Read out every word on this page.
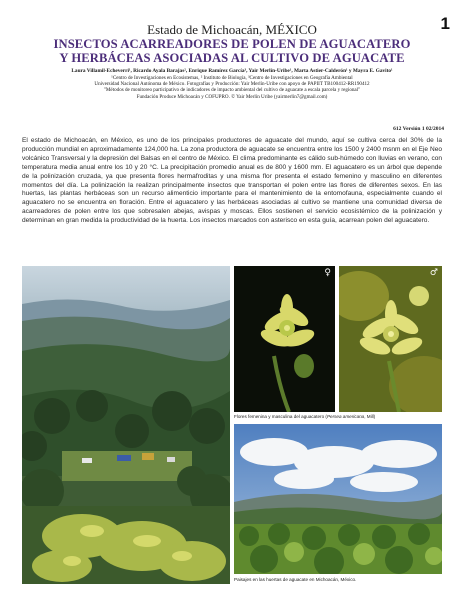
1
Estado de Michoacán, MÉXICO
INSECTOS ACARREADORES DE POLEN DE AGUACATERO
Y HERBÁCEAS ASOCIADAS AL CULTIVO DE AGUACATE
Laura Villamil-Echeverri¹, Ricardo Ayala Barajas², Enrique Ramírez García³, Yair Merlín-Uribe¹, Marta Astier-Calderón¹ y Mayra E. Gavito¹
¹Centro de Investigaciones en Ecosistemas, ² Instituto de Biología, ³Centro de Investigaciones en Geografía Ambiental
Universidad Nacional Autónoma de México. Fotografías y Producción: Yair Merlín-Uribe con apoyo de PAPIIT TB100412-RR190412
"Métodos de monitoreo participativo de indicadores de impacto ambiental del cultivo de aguacate a escala parcela y regional"
Fundación Produce Michoacán y COFUPRO. © Yair Merlín Uribe (yairmerlin7@gmail.com)
612 Versión 1 02/2014

El estado de Michoacán, en México, es uno de los principales productores de aguacate del mundo, aquí se cultiva cerca del 30% de la producción mundial en aproximadamente 124,000 ha. La zona productora de aguacate se encuentra entre los 1500 y 2400 msnm en el Eje Neo volcánico Transversal y la depresión del Balsas en el centro de México. El clima predominante es cálido sub-húmedo con lluvias en verano, con temperatura media anual entre los 10 y 20 °C. La precipitación promedio anual es de 800 y 1600 mm. El aguacatero es un árbol que depende de la polinización cruzada, ya que presenta flores hermafroditas y una misma flor presenta el estado femenino y masculino en diferentes momentos del día. La polinización la realizan principalmente insectos que transportan el polen entre las flores de diferentes sexos. En las huertas, las plantas herbáceas son un recurso alimenticio importante para el mantenimiento de la entomofauna, especialmente cuando el aguacatero no se encuentra en floración. Entre el aguacatero y las herbáceas asociadas al cultivo se mantiene una comunidad diversa de acarreadores de polen entre los que sobresalen abejas, avispas y moscas. Ellos sostienen el servicio ecosistémico de la polinización y determinan en gran medida la productividad de la huerta. Los insectos marcados con asterisco en esta guía, acarrean polen del aguacatero.

♀	♂
Flores femenina y masculina del aguacatero (Persea americana, Mill)
Paisajes en las huertas de aguacate en Michoacán, México.
